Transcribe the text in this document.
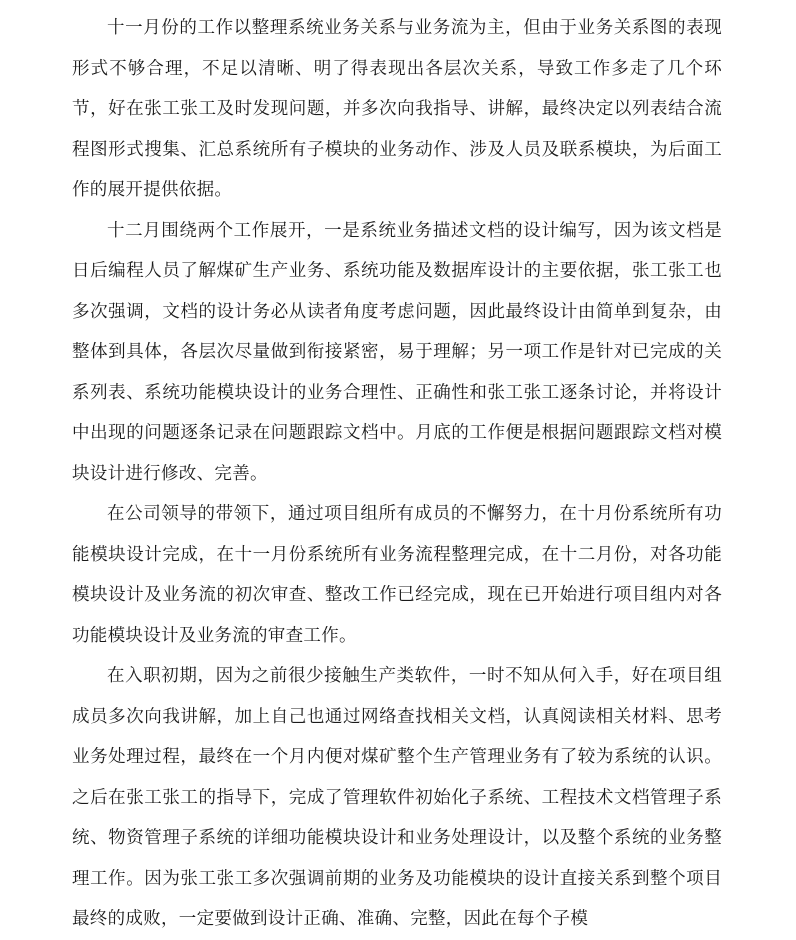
十一月份的工作以整理系统业务关系与业务流为主，但由于业务关系图的表现形式不够合理，不足以清晰、明了得表现出各层次关系，导致工作多走了几个环节，好在张工张工及时发现问题，并多次向我指导、讲解，最终决定以列表结合流程图形式搜集、汇总系统所有子模块的业务动作、涉及人员及联系模块，为后面工作的展开提供依据。

十二月围绕两个工作展开，一是系统业务描述文档的设计编写，因为该文档是日后编程人员了解煤矿生产业务、系统功能及数据库设计的主要依据，张工张工也多次强调，文档的设计务必从读者角度考虑问题，因此最终设计由简单到复杂，由整体到具体，各层次尽量做到衔接紧密，易于理解；另一项工作是针对已完成的关系列表、系统功能模块设计的业务合理性、正确性和张工张工逐条讨论，并将设计中出现的问题逐条记录在问题跟踪文档中。月底的工作便是根据问题跟踪文档对模块设计进行修改、完善。

在公司领导的带领下，通过项目组所有成员的不懈努力，在十月份系统所有功能模块设计完成，在十一月份系统所有业务流程整理完成，在十二月份，对各功能模块设计及业务流的初次审查、整改工作已经完成，现在已开始进行项目组内对各功能模块设计及业务流的审查工作。

在入职初期，因为之前很少接触生产类软件，一时不知从何入手，好在项目组成员多次向我讲解，加上自己也通过网络查找相关文档，认真阅读相关材料、思考业务处理过程，最终在一个月内便对煤矿整个生产管理业务有了较为系统的认识。之后在张工张工的指导下，完成了管理软件初始化子系统、工程技术文档管理子系统、物资管理子系统的详细功能模块设计和业务处理设计，以及整个系统的业务整理工作。因为张工张工多次强调前期的业务及功能模块的设计直接关系到整个项目最终的成败，一定要做到设计正确、准确、完整，因此在每个子模
